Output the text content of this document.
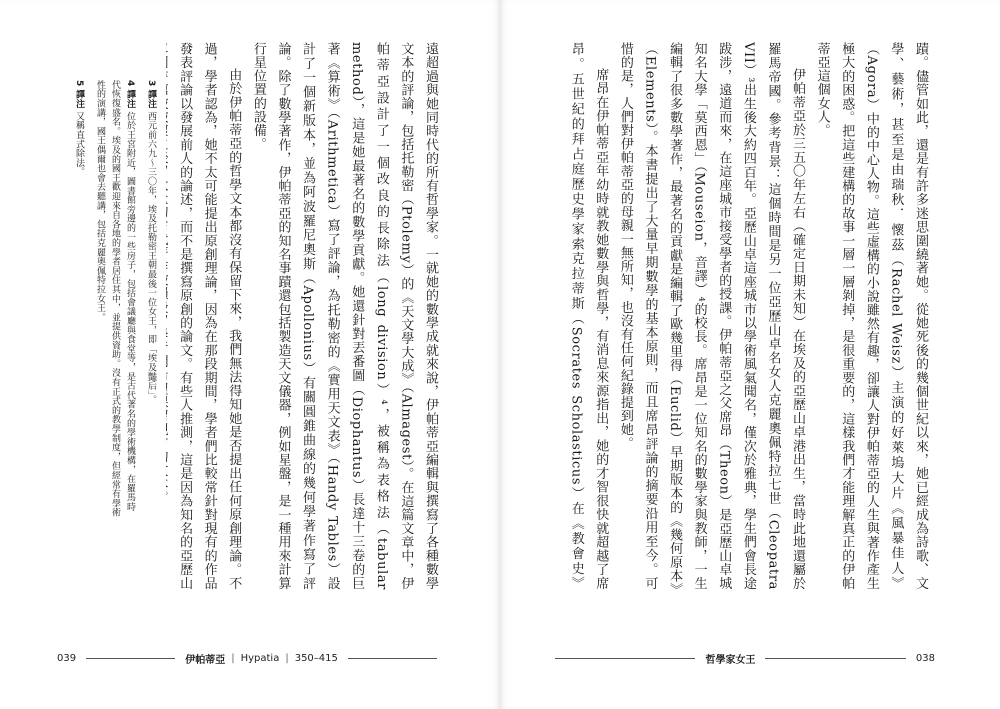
遠超過與她同時代的所有哲學家。一就她的數學成就來說，伊帕蒂亞編輯與撰寫了各種數學文本的評論，包括托勒密（Ptolemy）的《天文學大成》（Almagest）。在這篇文章中，伊帕蒂亞設計了一個改良的長除法（long division）⁴，被稱為表格法（tabular method），這是她最著名的數學貢獻。她還針對丟番圖（Diophantus）長達十三卷的巨著《算術》（Arithmetica）寫了評論，為托勒密的《實用天文表》（Handy Tables）設計了一個新版本，並為阿波羅尼奧斯（Apollonius）有關圓錐曲線的幾何學著作寫了評論。除了數學著作，伊帕蒂亞的知名事蹟還包括製造天文儀器，例如星盤，是一種用來計算行星位置的設備。

由於伊帕蒂亞的哲學文本都沒有保留下來，我們無法得知她是否提出任何原創理論。不過，學者認為，她不太可能提出原創理論，因為在那段期間，學者們比較常針對現有的作品發表評論以發展前人的論述，而不是撰寫原創的論文。有些人推測，這是因為知名的亞歷山

3 譯注 西元前六九～三〇年，埃及托勒密王朝最後一位女王，即「埃及豔后」。

4 譯注 位於王宮附近，圖書館旁邊的一些房子，包括會議廳與食堂等，是古代著名的學術機構，在羅馬時代恢復盛名。埃及的國王歡迎來自各地的學者居住其中，並提供資助。沒有正式的教學制度，但經常有學術性的演講，國王偶爾也會去聽講，包括克麗奧佩特拉女王。

5 譯注 又稱直式除法。

039	伊帕蒂亞 | Hypatia | 350–415

蹟。儘管如此，還是有許多迷思圍繞著她。從她死後的幾個世紀以來，她已經成為詩歌、文學、藝術，甚至是由瑞秋．懷茲（Rachel Weisz）主演的好萊塢大片《風暴佳人》（Agora）中的中心人物。這些虛構的小說雖然有趣，卻讓人對伊帕蒂亞的人生與著作產生極大的困惑。把這些建構的故事一層一層剝掉，是很重要的，這樣我們才能理解真正的伊帕蒂亞這個女人。

伊帕蒂亞於三五〇年左右（確定日期未知）在埃及的亞歷山卓港出生，當時此地還屬於羅馬帝國。參考背景：這個時間是另一位亞歷山卓名女人克麗奧佩特拉七世（Cleopatra VII）³出生後大約四百年。亞歷山卓這座城市以學術風氣聞名，僅次於雅典，學生們會長途跋涉，遠道而來，在這座城市接受學者的授課。伊帕蒂亞之父席昂（Theon）是亞歷山卓城知名大學「莫西恩」（Mouseion，音譯）⁴的校長。席昂是一位知名的數學家與教師，一生編輯了很多數學著作，最著名的貢獻是編輯了歐幾里得（Euclid）早期版本的《幾何原本》（Elements）。本書提出了大量早期數學的基本原則，而且席昂評論的摘要沿用至今。可惜的是，人們對伊帕蒂亞的母親一無所知，也沒有任何紀錄提到她。

席昂在伊帕蒂亞年幼時就教她數學與哲學，有消息來源指出，她的才智很快就超越了席昂。五世紀的拜占庭歷史學家索克拉蒂斯（Socrates Scholasticus）在《教會史》

哲學家女王	038
